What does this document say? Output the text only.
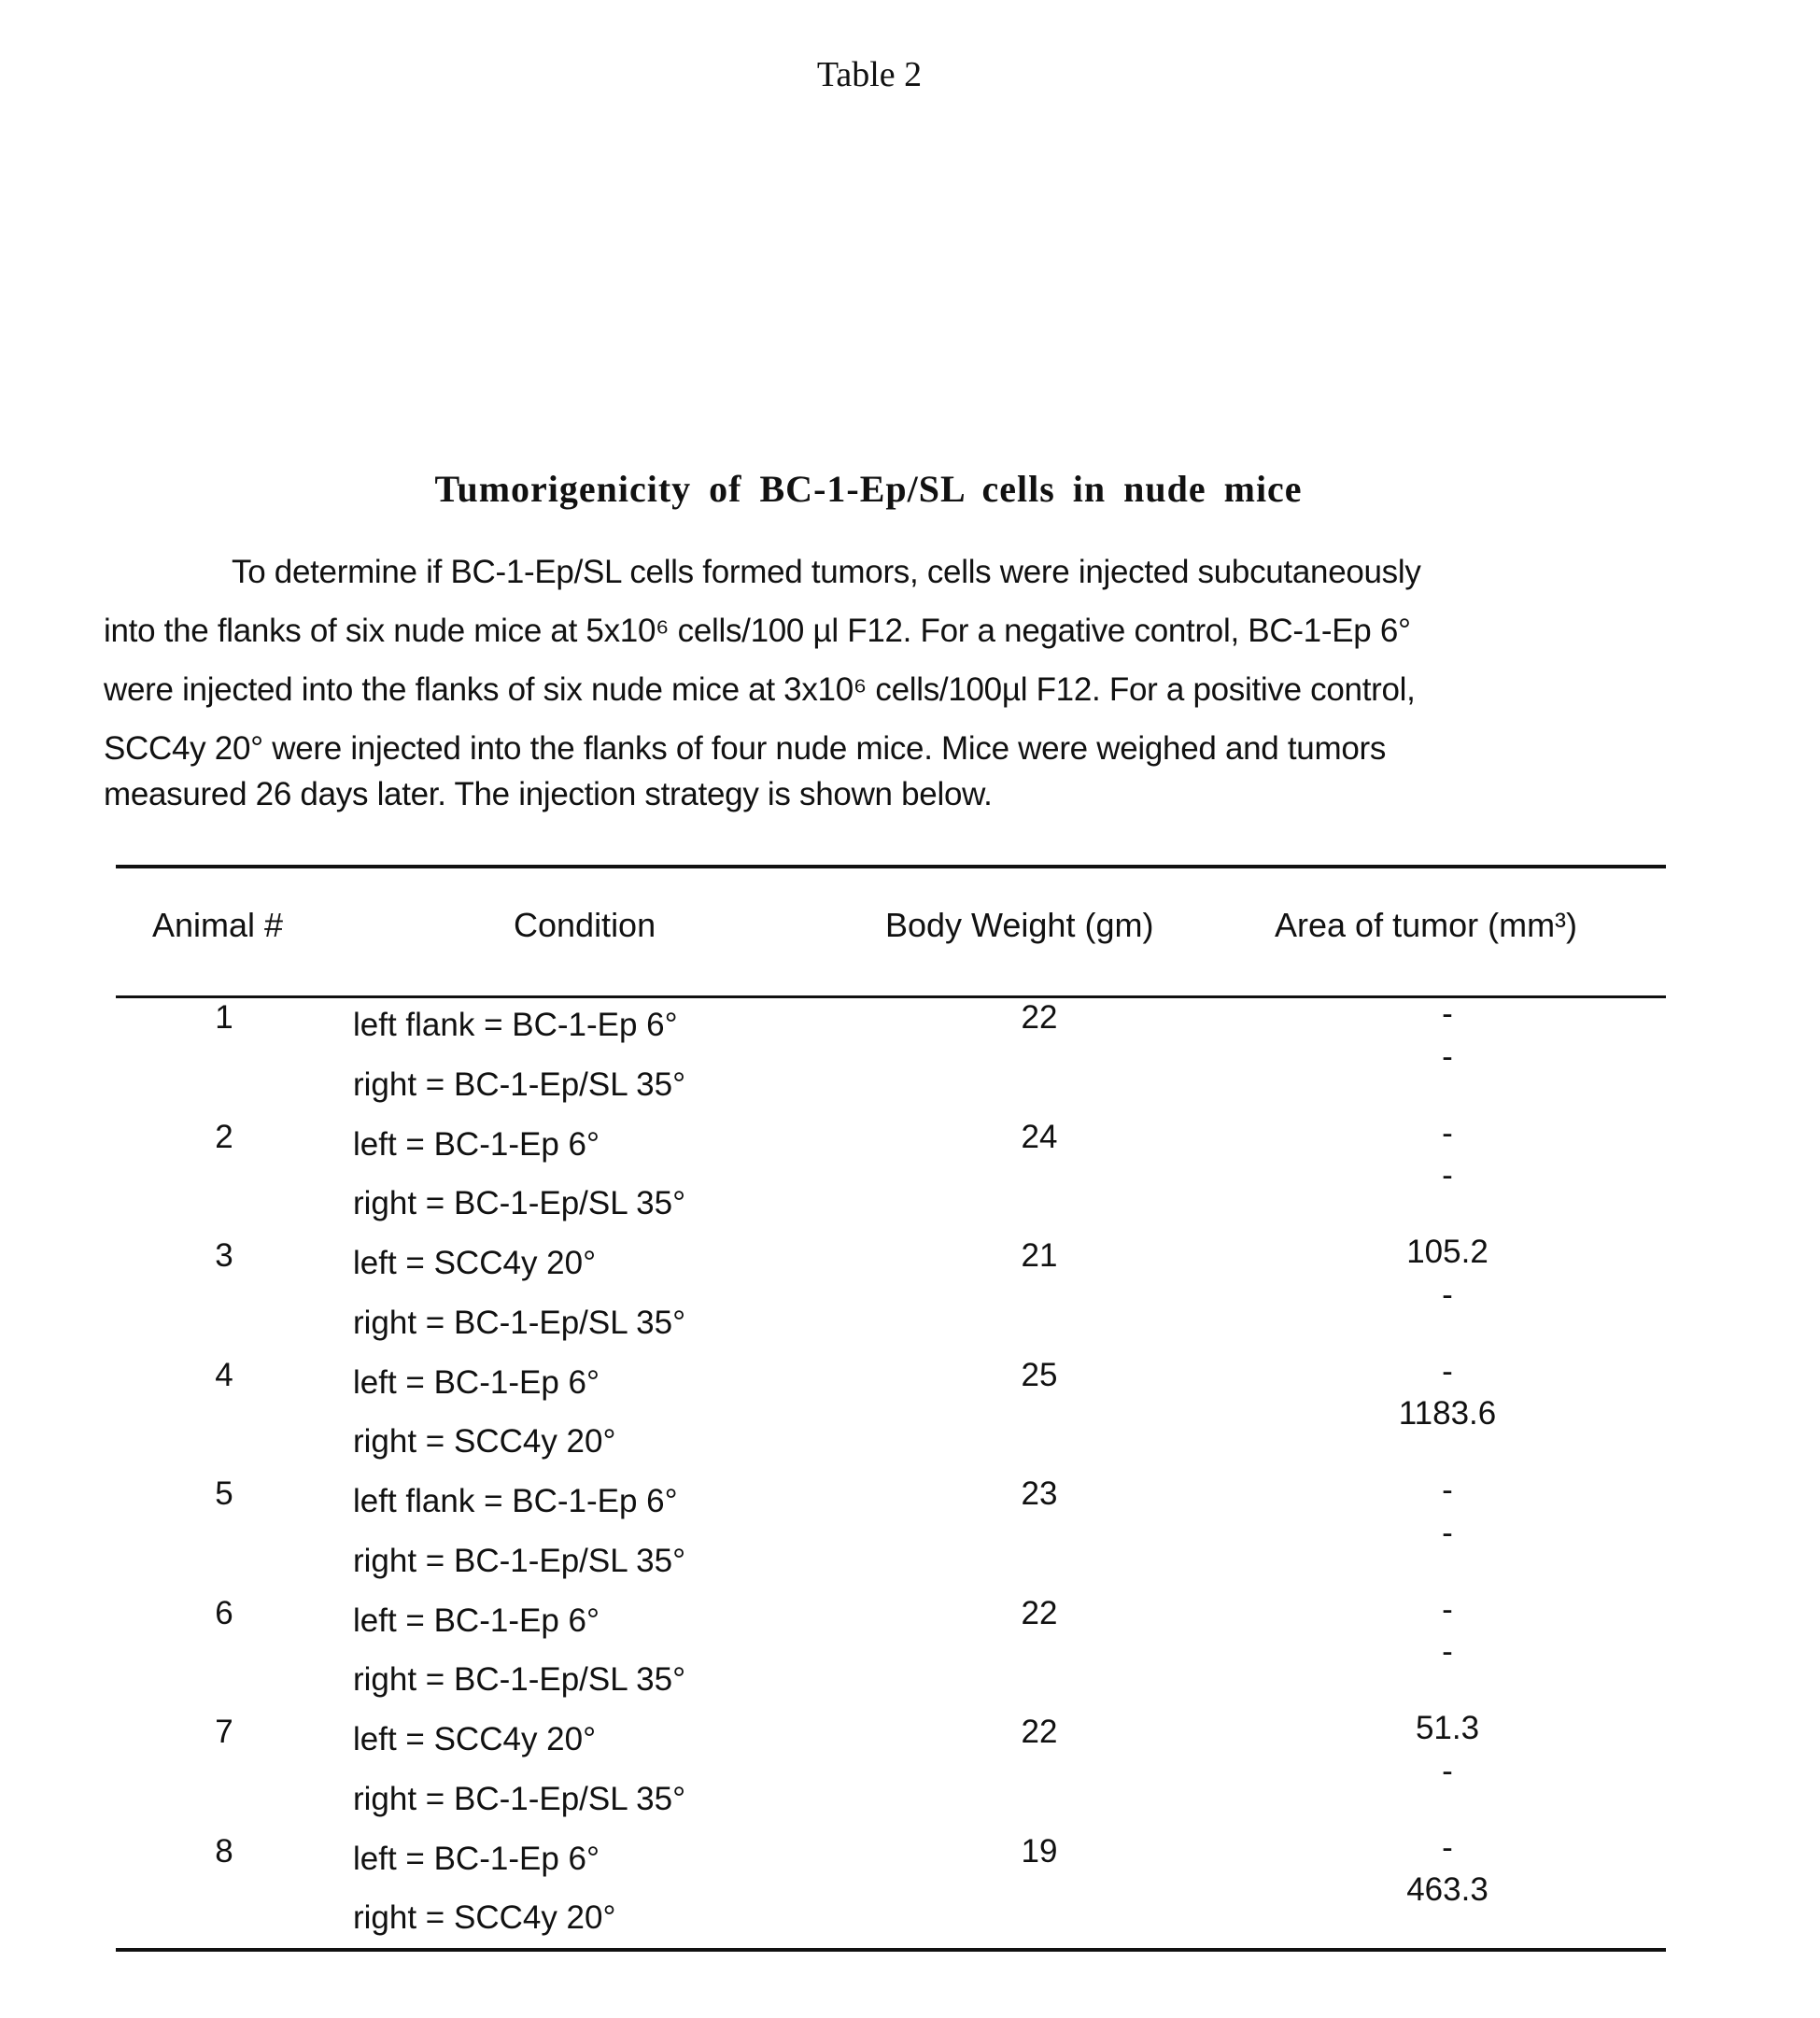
Table 2
Tumorigenicity of BC-1-Ep/SL cells in nude mice
To determine if BC-1-Ep/SL cells formed tumors, cells were injected subcutaneously
into the flanks of six nude mice at 5x10⁶ cells/100 µl F12. For a negative control, BC-1-Ep 6°
were injected into the flanks of six nude mice at 3x10⁶ cells/100µl F12. For a positive control,
SCC4y 20° were injected into the flanks of four nude mice. Mice were weighed and tumors
measured 26 days later. The injection strategy is shown below.
Animal #	Condition	Body Weight (gm)	Area of tumor (mm³)
1	left flank = BC-1-Ep 6°
right = BC-1-Ep/SL 35°
22	-
-
2	left = BC-1-Ep 6°
right = BC-1-Ep/SL 35°
24	-
-
3	left = SCC4y 20°
right = BC-1-Ep/SL 35°
21	105.2
-
4	left = BC-1-Ep 6°
right = SCC4y 20°
25	-
1183.6
5	left flank = BC-1-Ep 6°
right = BC-1-Ep/SL 35°
23	-
-
6	left = BC-1-Ep 6°
right = BC-1-Ep/SL 35°
22	-
-
7	left = SCC4y 20°
right = BC-1-Ep/SL 35°
22	51.3
-
8	left = BC-1-Ep 6°
right = SCC4y 20°
19	-
463.3
